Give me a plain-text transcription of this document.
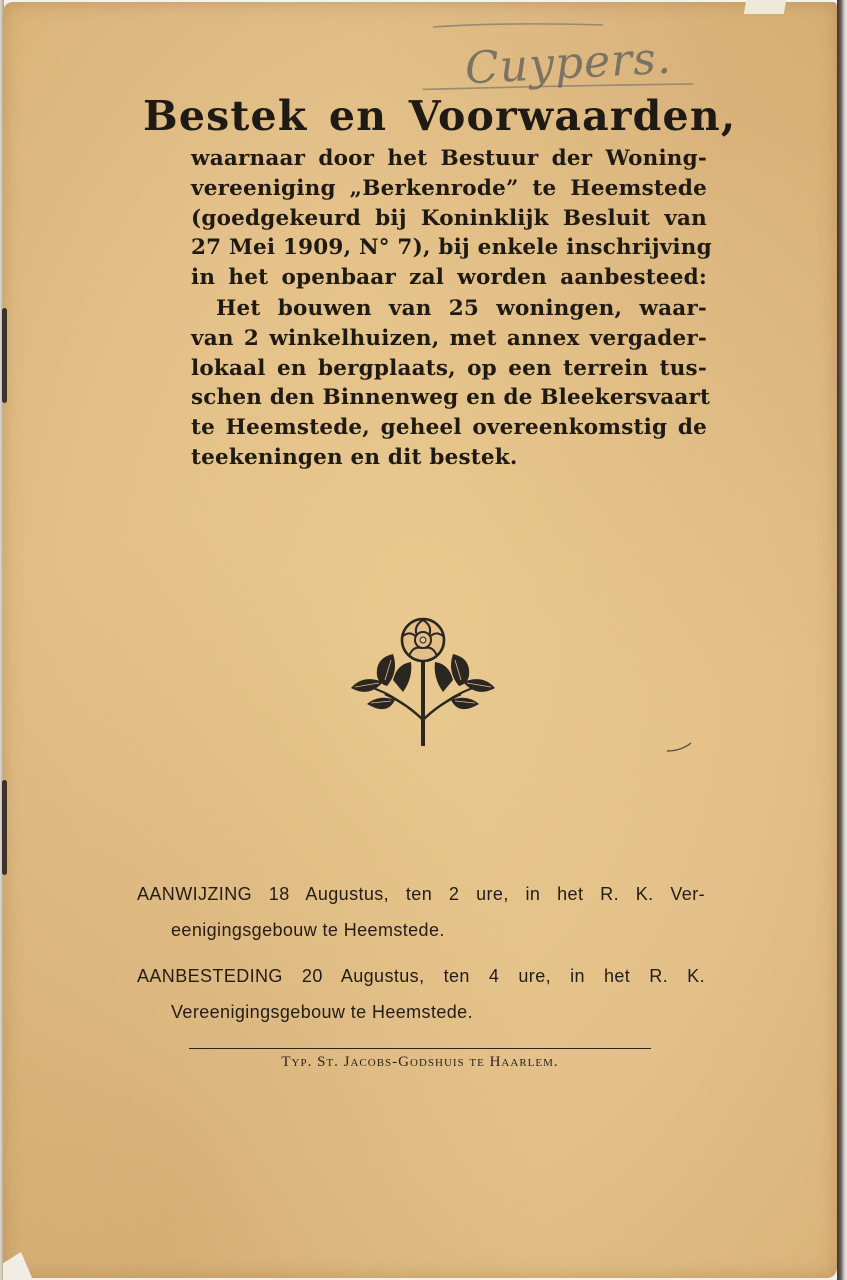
Cuypers.
Bestek en Voorwaarden,
waarnaar door het Bestuur der Woning-
vereeniging „Berkenrode” te Heemstede
(goedgekeurd bij Koninklijk Besluit van
27 Mei 1909, N° 7), bij enkele inschrijving
in het openbaar zal worden aanbesteed:
Het bouwen van 25 woningen, waar-
van 2 winkelhuizen, met annex vergader-
lokaal en bergplaats, op een terrein tus-
schen den Binnenweg en de Bleekersvaart
te Heemstede, geheel overeenkomstig de
teekeningen en dit bestek.
AANWIJZING 18 Augustus, ten 2 ure, in het R. K. Ver-
eenigingsgebouw te Heemstede.
AANBESTEDING 20 Augustus, ten 4 ure, in het R. K.
Vereenigingsgebouw te Heemstede.
Typ. St. Jacobs-Godshuis te Haarlem.
